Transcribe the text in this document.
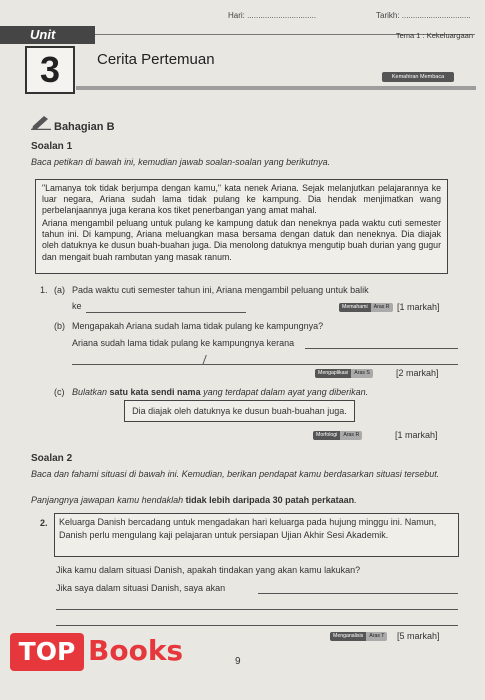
Hari: ...............................	Tarikh: ...............................
Unit	Tema 1 : Kekeluargaan
3	Cerita Pertemuan
Kemahiran Membaca
Bahagian B
Soalan 1
Baca petikan di bawah ini, kemudian jawab soalan-soalan yang berikutnya.

"Lamanya tok tidak berjumpa dengan kamu," kata nenek Ariana. Sejak melanjutkan pelajarannya ke luar negara, Ariana sudah lama tidak pulang ke kampung. Dia hendak menjimatkan wang perbelanjaannya juga kerana kos tiket penerbangan yang amat mahal.

Ariana mengambil peluang untuk pulang ke kampung datuk dan neneknya pada waktu cuti semester tahun ini. Di kampung, Ariana meluangkan masa bersama dengan datuk dan neneknya. Dia diajak oleh datuknya ke dusun buah-buahan juga. Dia menolong datuknya mengutip buah durian yang gugur dan mengait buah rambutan yang masak ranum.

1. (a) Pada waktu cuti semester tahun ini, Ariana mengambil peluang untuk balik
ke	Memahami	Aras R [1 markah]
(b) Mengapakah Ariana sudah lama tidak pulang ke kampungnya?
Ariana sudah lama tidak pulang ke kampungnya kerana
Mengaplikasi	Aras S	[2 markah]
(c) Bulatkan satu kata sendi nama yang terdapat dalam ayat yang diberikan.
Dia diajak oleh datuknya ke dusun buah-buahan juga.
Morfologi	Aras R	[1 markah]
Soalan 2
Baca dan fahami situasi di bawah ini. Kemudian, berikan pendapat kamu berdasarkan situasi tersebut.
Panjangnya jawapan kamu hendaklah tidak lebih daripada 30 patah perkataan.
2.	Keluarga Danish bercadang untuk mengadakan hari keluarga pada hujung minggu ini. Namun, Danish perlu mengulang kaji pelajaran untuk persiapan Ujian Akhir Sesi Akademik.
Jika kamu dalam situasi Danish, apakah tindakan yang akan kamu lakukan?
Jika saya dalam situasi Danish, saya akan
Menganalisis	Aras T	[5 markah]
9
TOP Books
